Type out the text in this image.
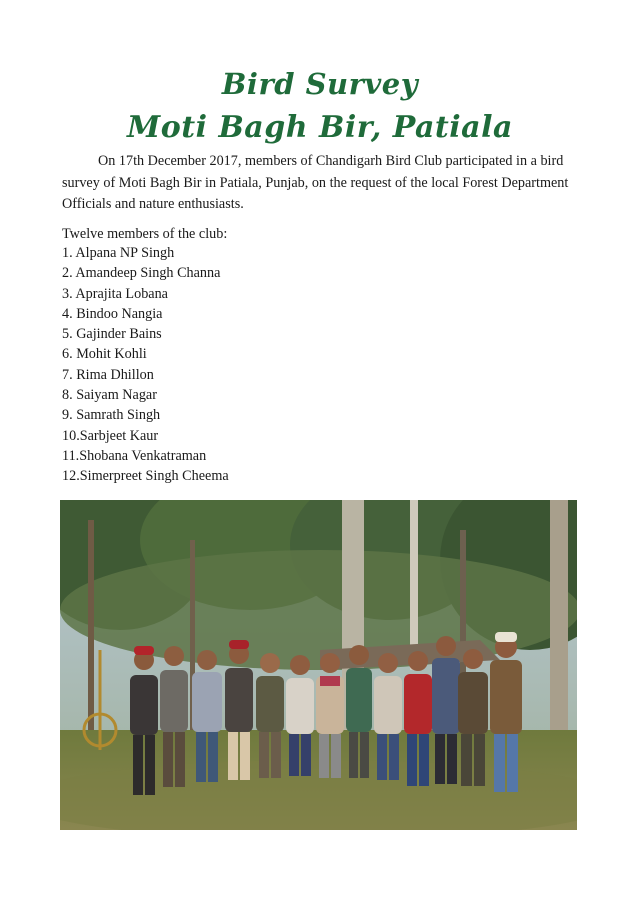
Bird Survey
Moti Bagh Bir, Patiala

On 17th December 2017, members of Chandigarh Bird Club participated in a bird survey of Moti Bagh Bir in Patiala, Punjab, on the request of the local Forest Department Officials and nature enthusiasts.

Twelve members of the club:

1. Alpana NP Singh
2. Amandeep Singh Channa
3. Aprajita Lobana
4. Bindoo Nangia
5. Gajinder Bains
6. Mohit Kohli
7. Rima Dhillon
8. Saiyam Nagar
9. Samrath Singh
10.Sarbjeet Kaur
11.Shobana Venkatraman
12.Simerpreet Singh Cheema
